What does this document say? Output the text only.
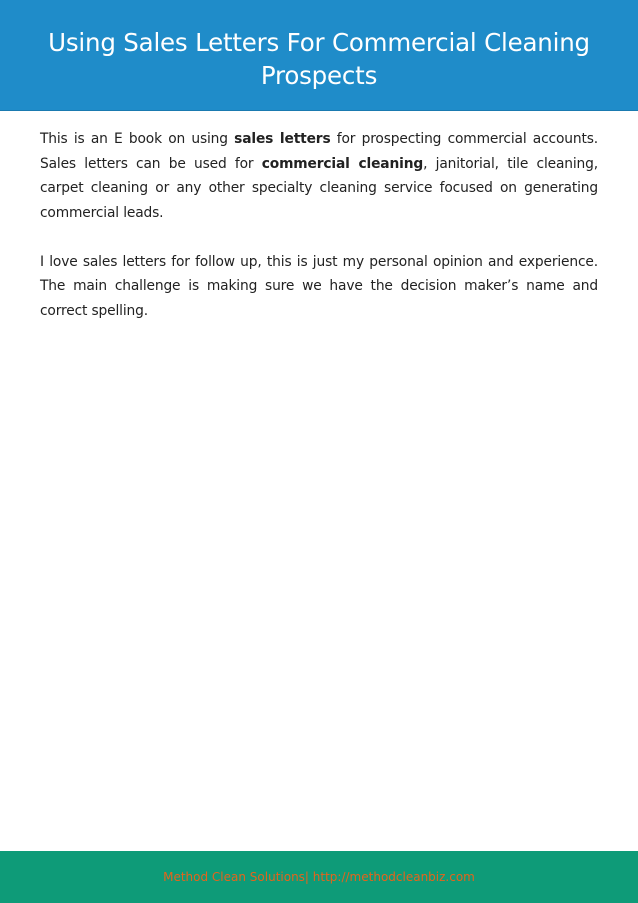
Using Sales Letters For Commercial Cleaning
Prospects

This is an E book on using sales letters for prospecting commercial accounts. Sales letters can be used for commercial cleaning, janitorial, tile cleaning, carpet cleaning or any other specialty cleaning service focused on generating commercial leads.

I love sales letters for follow up, this is just my personal opinion and experience. The main challenge is making sure we have the decision maker’s name and correct spelling.

Method Clean Solutions| http://methodcleanbiz.com
